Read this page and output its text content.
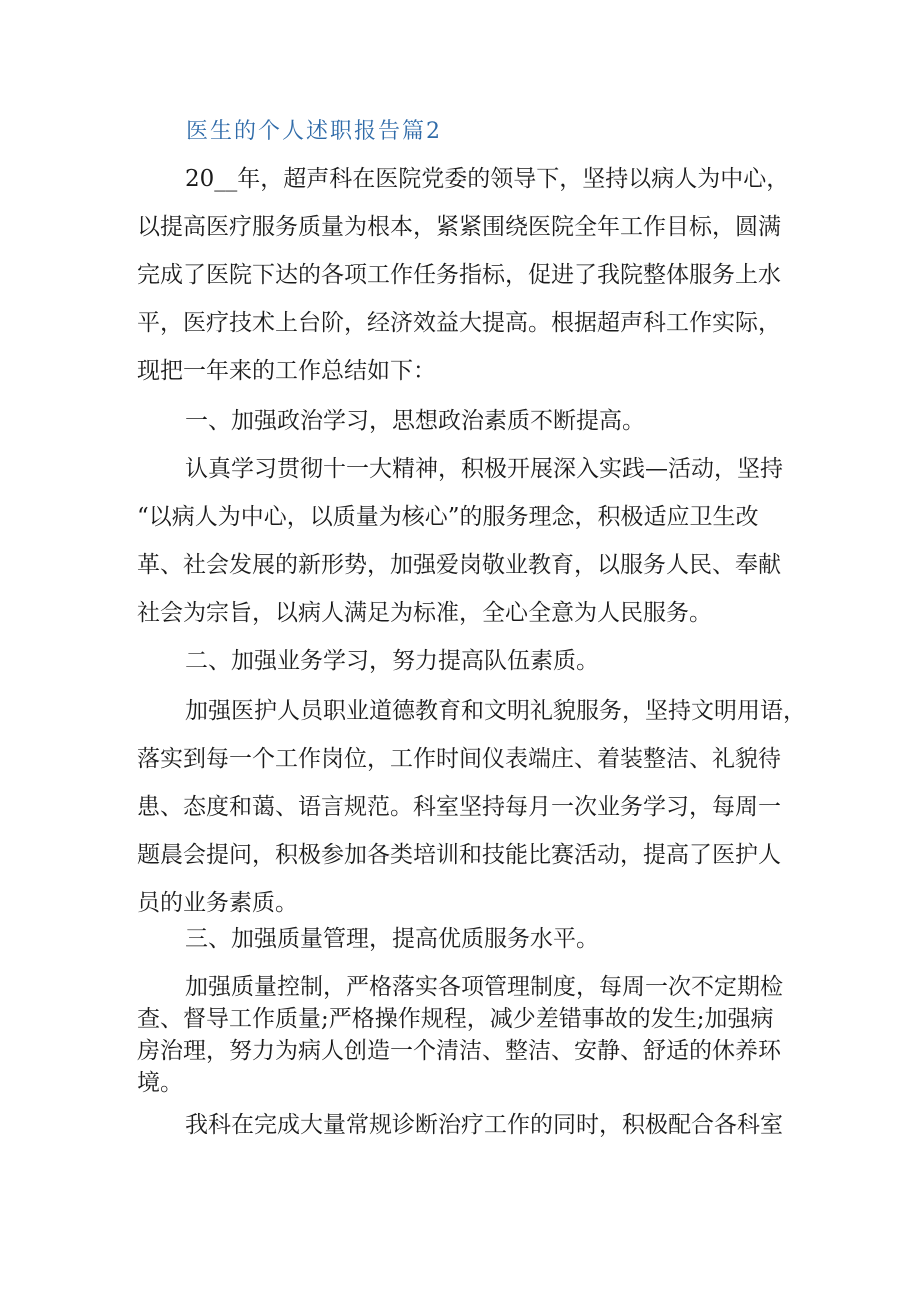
医生的个人述职报告篇2
20__年，超声科在医院党委的领导下，坚持以病人为中心，
以提高医疗服务质量为根本，紧紧围绕医院全年工作目标，圆满
完成了医院下达的各项工作任务指标，促进了我院整体服务上水
平，医疗技术上台阶，经济效益大提高。根据超声科工作实际，
现把一年来的工作总结如下：
一、加强政治学习，思想政治素质不断提高。
认真学习贯彻十一大精神，积极开展深入实践—活动，坚持
“以病人为中心，以质量为核心”的服务理念，积极适应卫生改
革、社会发展的新形势，加强爱岗敬业教育，以服务人民、奉献
社会为宗旨，以病人满足为标准，全心全意为人民服务。
二、加强业务学习，努力提高队伍素质。
加强医护人员职业道德教育和文明礼貌服务，坚持文明用语，
落实到每一个工作岗位，工作时间仪表端庄、着装整洁、礼貌待
患、态度和蔼、语言规范。科室坚持每月一次业务学习，每周一
题晨会提问，积极参加各类培训和技能比赛活动，提高了医护人
员的业务素质。
三、加强质量管理，提高优质服务水平。
加强质量控制，严格落实各项管理制度，每周一次不定期检
查、督导工作质量;严格操作规程，减少差错事故的发生;加强病
房治理，努力为病人创造一个清洁、整洁、安静、舒适的休养环
境。
我科在完成大量常规诊断治疗工作的同时，积极配合各科室
